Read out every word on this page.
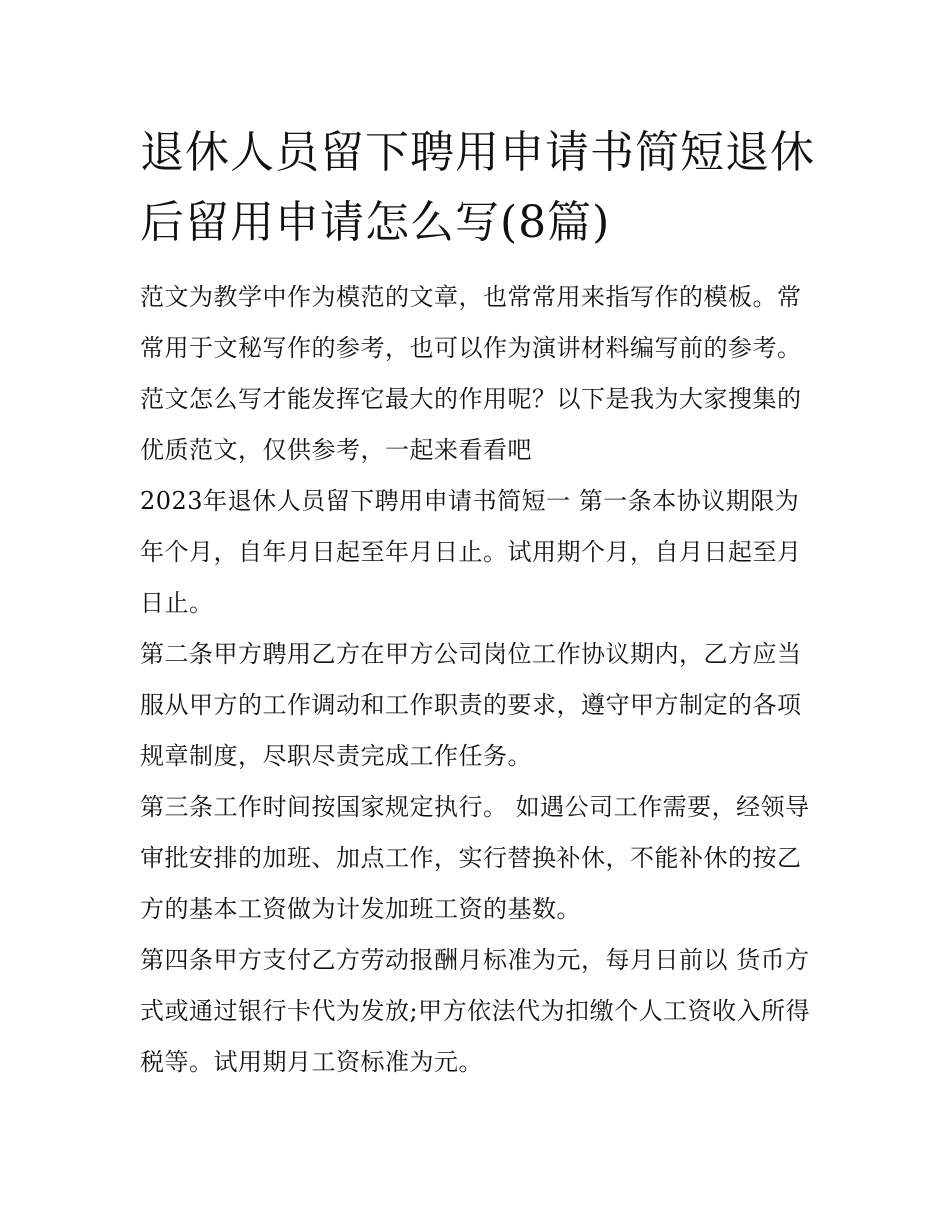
退休人员留下聘用申请书简短退休后留用申请怎么写(8篇)

范文为教学中作为模范的文章，也常常用来指写作的模板。常常用于文秘写作的参考，也可以作为演讲材料编写前的参考。范文怎么写才能发挥它最大的作用呢？以下是我为大家搜集的优质范文，仅供参考，一起来看看吧

2023年退休人员留下聘用申请书简短一 第一条本协议期限为年个月，自年月日起至年月日止。试用期个月，自月日起至月日止。

第二条甲方聘用乙方在甲方公司岗位工作协议期内，乙方应当服从甲方的工作调动和工作职责的要求，遵守甲方制定的各项规章制度，尽职尽责完成工作任务。

第三条工作时间按国家规定执行。 如遇公司工作需要，经领导审批安排的加班、加点工作，实行替换补休，不能补休的按乙方的基本工资做为计发加班工资的基数。

第四条甲方支付乙方劳动报酬月标准为元，每月日前以 货币方式或通过银行卡代为发放;甲方依法代为扣缴个人工资收入所得税等。试用期月工资标准为元。
